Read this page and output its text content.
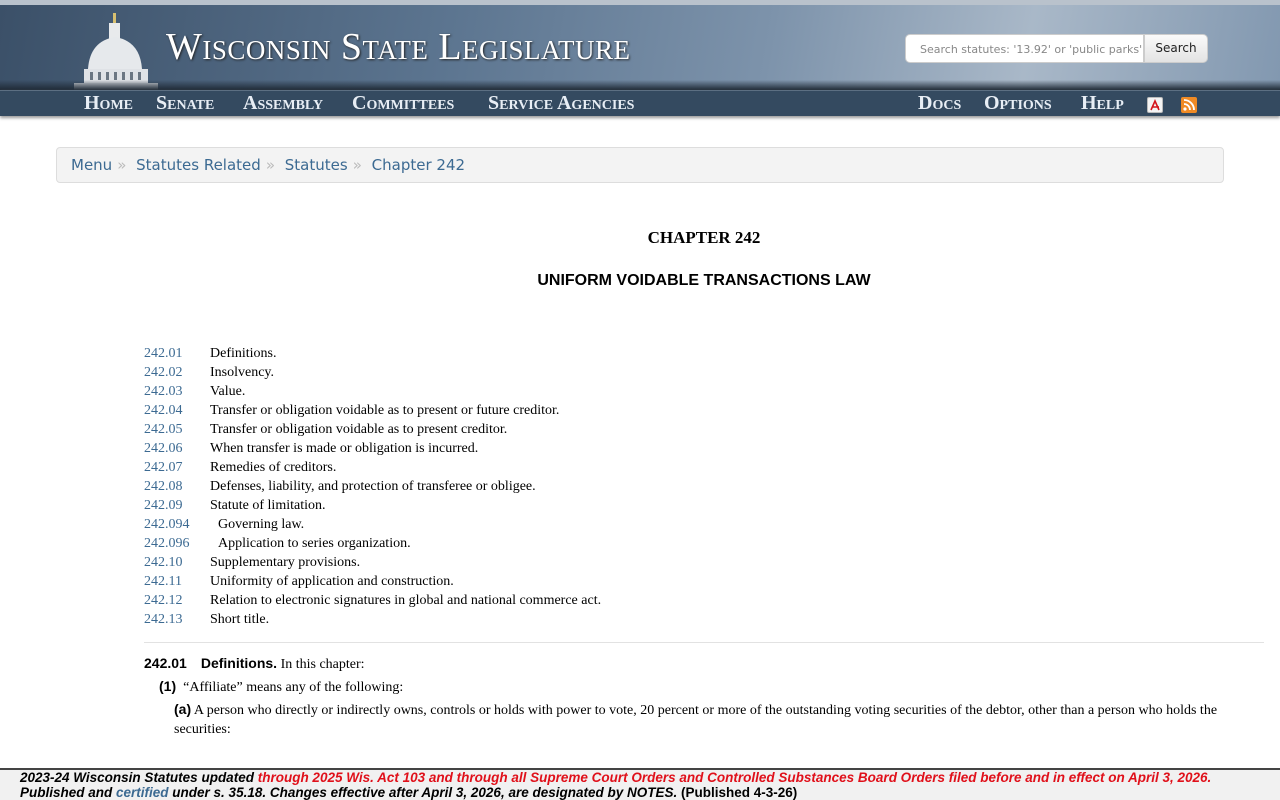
Wisconsin State Legislature	Search statutes: '13.92' or 'public parks'	Search
Home Senate Assembly Committees Service Agencies	Docs Options Help
Menu » Statutes Related » Statutes » Chapter 242
CHAPTER 242
UNIFORM VOIDABLE TRANSACTIONS LAW
242.01 Definitions.
242.02 Insolvency.
242.03 Value.
242.04 Transfer or obligation voidable as to present or future creditor.
242.05 Transfer or obligation voidable as to present creditor.
242.06 When transfer is made or obligation is incurred.
242.07 Remedies of creditors.
242.08 Defenses, liability, and protection of transferee or obligee.
242.09 Statute of limitation.
242.094 Governing law.
242.096 Application to series organization.
242.10 Supplementary provisions.
242.11 Uniformity of application and construction.
242.12 Relation to electronic signatures in global and national commerce act.
242.13 Short title.
242.01 Definitions. In this chapter:
(1) “Affiliate” means any of the following:
(a) A person who directly or indirectly owns, controls or holds with power to vote, 20 percent or more of the outstanding voting securities of the debtor, other than a person who holds the securities:
2023-24 Wisconsin Statutes updated through 2025 Wis. Act 103 and through all Supreme Court Orders and Controlled Substances Board Orders filed before and in effect on April 3, 2026.
Published and certified under s. 35.18. Changes effective after April 3, 2026, are designated by NOTES. (Published 4-3-26)
